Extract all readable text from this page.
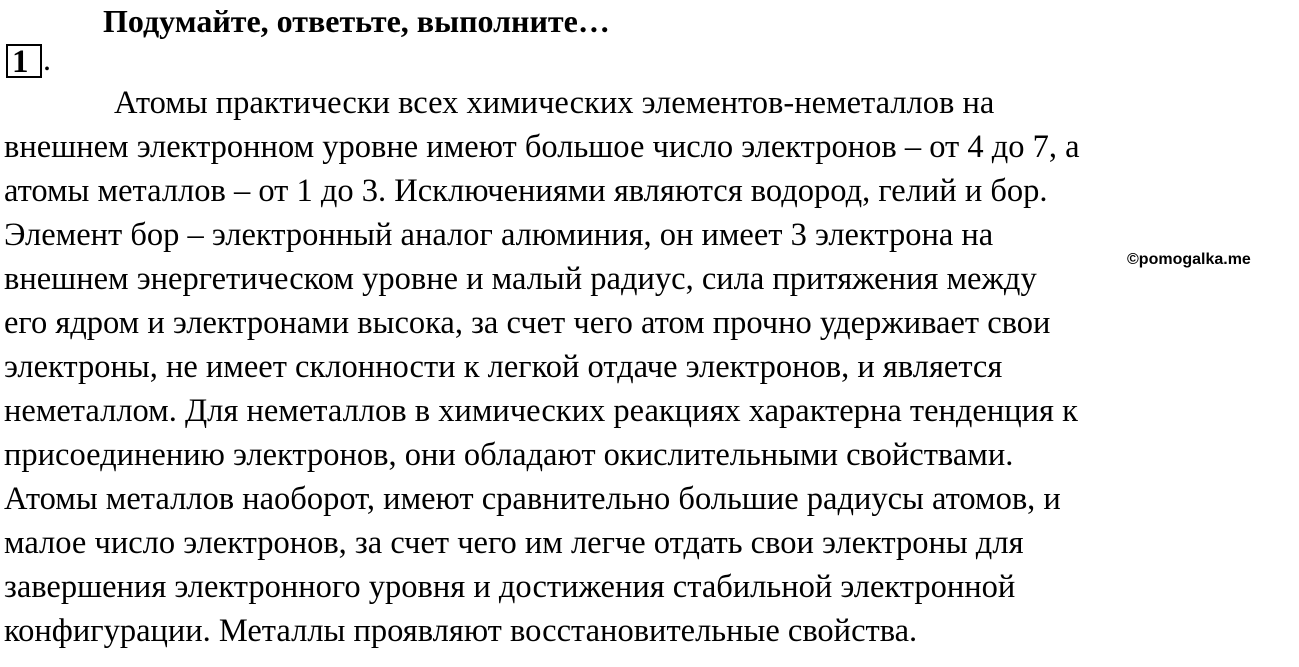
Подумайте, ответьте, выполните…
1 .
Атомы практически всех химических элементов-неметаллов на
внешнем электронном уровне имеют большое число электронов – от 4 до 7, а
атомы металлов – от 1 до 3. Исключениями являются водород, гелий и бор.
Элемент бор – электронный аналог алюминия, он имеет 3 электрона на
внешнем энергетическом уровне и малый радиус, сила притяжения между
его ядром и электронами высока, за счет чего атом прочно удерживает свои
электроны, не имеет склонности к легкой отдаче электронов, и является
неметаллом. Для неметаллов в химических реакциях характерна тенденция к
присоединению электронов, они обладают окислительными свойствами.
Атомы металлов наоборот, имеют сравнительно большие радиусы атомов, и
малое число электронов, за счет чего им легче отдать свои электроны для
завершения электронного уровня и достижения стабильной электронной
конфигурации. Металлы проявляют восстановительные свойства.
©pomogalka.me
